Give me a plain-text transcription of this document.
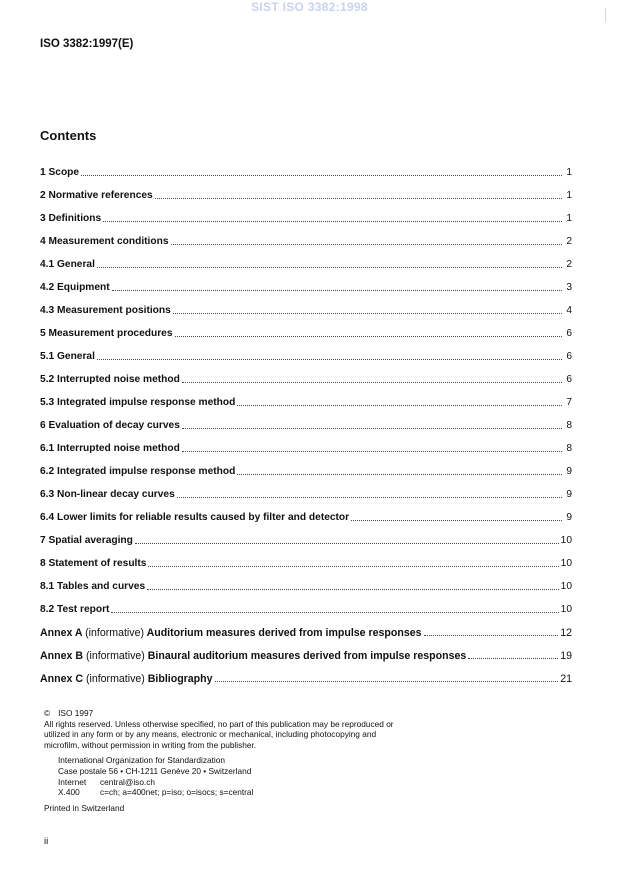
SIST ISO 3382:1998
ISO 3382:1997(E)
Contents
1 Scope	1
2 Normative references	1
3 Definitions	1
4 Measurement conditions	2
4.1 General	2
4.2 Equipment	3
4.3 Measurement positions	4
5 Measurement procedures	6
5.1 General	6
5.2 Interrupted noise method	6
5.3 Integrated impulse response method	7
6 Evaluation of decay curves	8
6.1 Interrupted noise method	8
6.2 Integrated impulse response method	9
6.3 Non-linear decay curves	9
6.4 Lower limits for reliable results caused by filter and detector	9
7 Spatial averaging	10
8 Statement of results	10
8.1 Tables and curves	10
8.2 Test report	10
Annex A (informative) Auditorium measures derived from impulse responses	12
Annex B (informative) Binaural auditorium measures derived from impulse responses	19
Annex C (informative) Bibliography	21
© ISO 1997
All rights reserved. Unless otherwise specified, no part of this publication may be reproduced or utilized in any form or by any means, electronic or mechanical, including photocopying and microfilm, without permission in writing from the publisher.
International Organization for Standardization
Case postale 56 • CH-1211 Genève 20 • Switzerland
Internet	central@iso.ch
X.400	c=ch; a=400net; p=iso; o=isocs; s=central
Printed in Switzerland
ii
